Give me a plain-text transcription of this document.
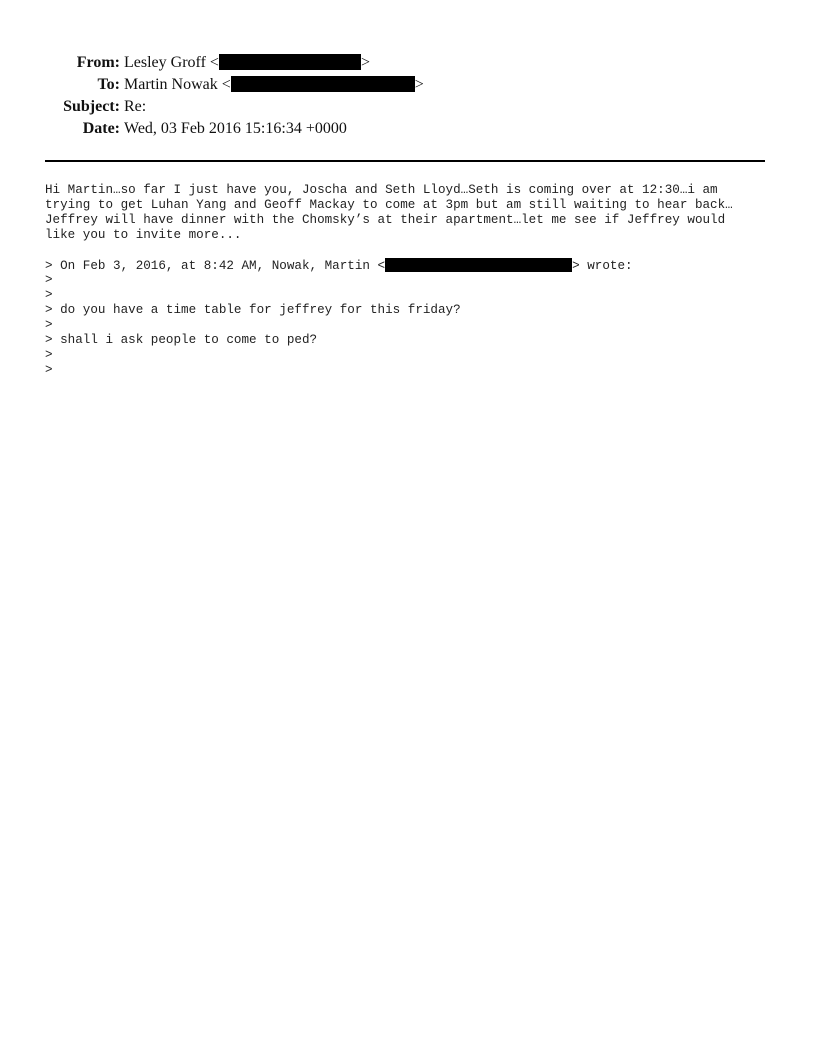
From: Lesley Groff <	>
To: Martin Nowak <	>
Subject: Re:
Date: Wed, 03 Feb 2016 15:16:34 +0000
Hi Martin…so far I just have you, Joscha and Seth Lloyd…Seth is coming over at 12:30…i am
trying to get Luhan Yang and Geoff Mackay to come at 3pm but am still waiting to hear back…
Jeffrey will have dinner with the Chomsky’s at their apartment…let me see if Jeffrey would
like you to invite more...
> On Feb 3, 2016, at 8:42 AM, Nowak, Martin <	> wrote:
>
>
> do you have a time table for jeffrey for this friday?
>
> shall i ask people to come to ped?
>
>
